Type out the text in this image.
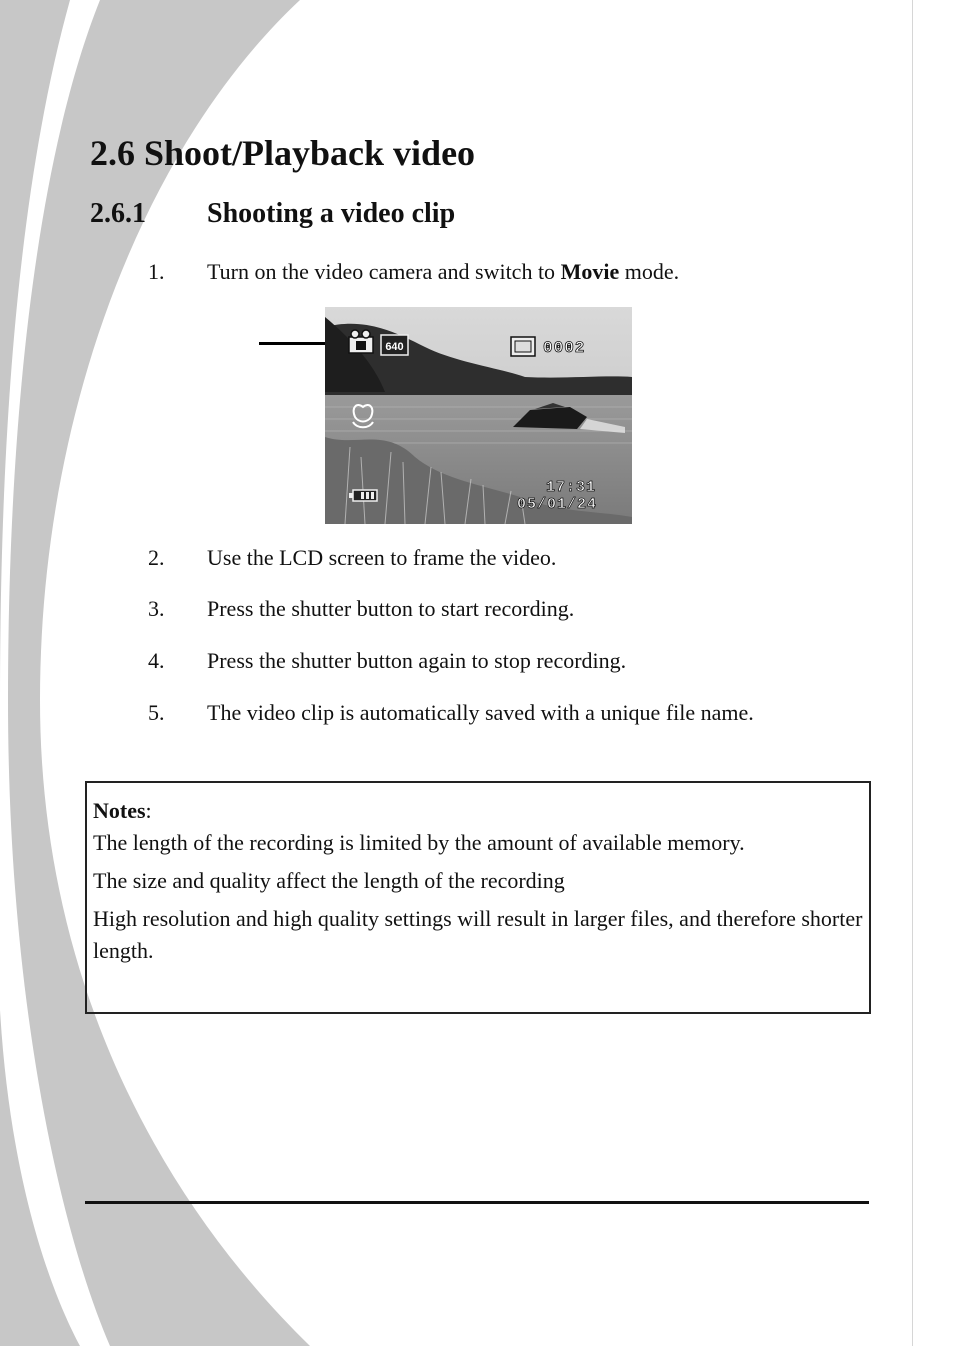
2.6 Shoot/Playback video
2.6.1 Shooting a video clip
1. Turn on the video camera and switch to Movie mode.
640	0002
17:31
05/01/24
2. Use the LCD screen to frame the video.
3. Press the shutter button to start recording.
4. Press the shutter button again to stop recording.
5. The video clip is automatically saved with a unique file name.

Notes:

The length of the recording is limited by the amount of available memory.

The size and quality affect the length of the recording

High resolution and high quality settings will result in larger files, and therefore shorter length.
